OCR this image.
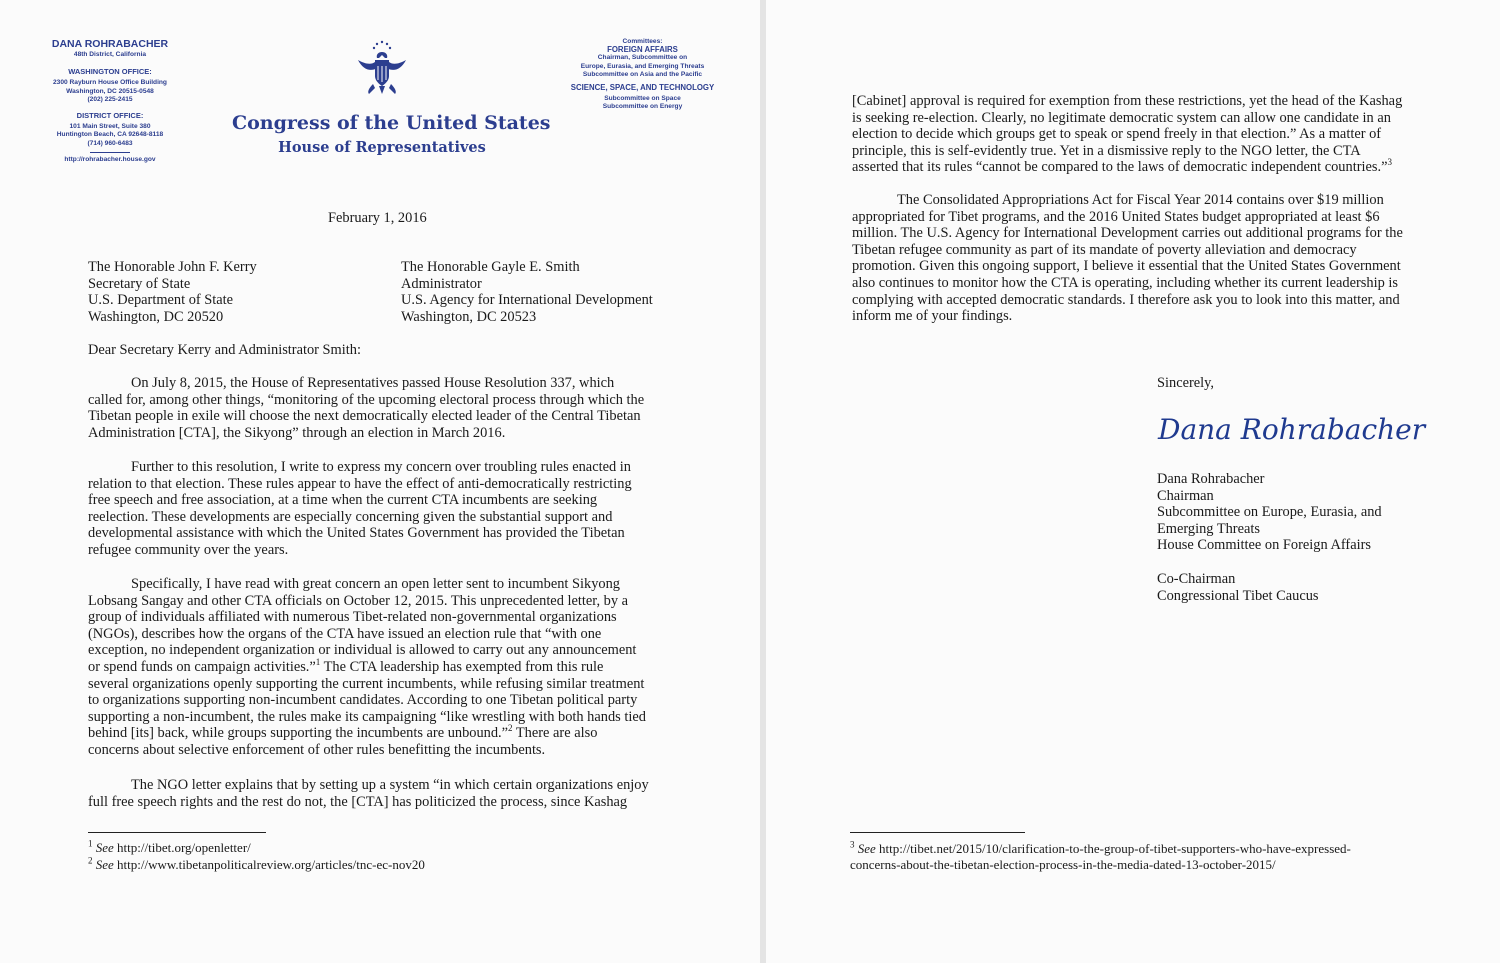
DANA ROHRABACHER
48th District, California
WASHINGTON OFFICE:
2300 Rayburn House Office Building
Washington, DC 20515-0548
(202) 225-2415
DISTRICT OFFICE:
101 Main Street, Suite 380
Huntington Beach, CA 92648-8118
(714) 960-6483
http://rohrabacher.house.gov
Congress of the United States
House of Representatives
Committees:
FOREIGN AFFAIRS
Chairman, Subcommittee on
Europe, Eurasia, and Emerging Threats
Subcommittee on Asia and the Pacific
SCIENCE, SPACE, AND TECHNOLOGY
Subcommittee on Space
Subcommittee on Energy
February 1, 2016
The Honorable John F. Kerry
Secretary of State
U.S. Department of State
Washington, DC 20520
The Honorable Gayle E. Smith
Administrator
U.S. Agency for International Development
Washington, DC 20523
Dear Secretary Kerry and Administrator Smith:
On July 8, 2015, the House of Representatives passed House Resolution 337, which
called for, among other things, “monitoring of the upcoming electoral process through which the
Tibetan people in exile will choose the next democratically elected leader of the Central Tibetan
Administration [CTA], the Sikyong” through an election in March 2016.
Further to this resolution, I write to express my concern over troubling rules enacted in
relation to that election. These rules appear to have the effect of anti-democratically restricting
free speech and free association, at a time when the current CTA incumbents are seeking
reelection. These developments are especially concerning given the substantial support and
developmental assistance with which the United States Government has provided the Tibetan
refugee community over the years.
Specifically, I have read with great concern an open letter sent to incumbent Sikyong
Lobsang Sangay and other CTA officials on October 12, 2015. This unprecedented letter, by a
group of individuals affiliated with numerous Tibet-related non-governmental organizations
(NGOs), describes how the organs of the CTA have issued an election rule that “with one
exception, no independent organization or individual is allowed to carry out any announcement
or spend funds on campaign activities.”$^1$ The CTA leadership has exempted from this rule
several organizations openly supporting the current incumbents, while refusing similar treatment
to organizations supporting non-incumbent candidates. According to one Tibetan political party
supporting a non-incumbent, the rules make its campaigning “like wrestling with both hands tied
behind [its] back, while groups supporting the incumbents are unbound.”$^2$ There are also
concerns about selective enforcement of other rules benefitting the incumbents.
The NGO letter explains that by setting up a system “in which certain organizations enjoy
full free speech rights and the rest do not, the [CTA] has politicized the process, since Kashag
$^1$ See http://tibet.org/openletter/
$^2$ See http://www.tibetanpoliticalreview.org/articles/tnc-ec-nov20
[Cabinet] approval is required for exemption from these restrictions, yet the head of the Kashag
is seeking re-election. Clearly, no legitimate democratic system can allow one candidate in an
election to decide which groups get to speak or spend freely in that election.” As a matter of
principle, this is self-evidently true. Yet in a dismissive reply to the NGO letter, the CTA
asserted that its rules “cannot be compared to the laws of democratic independent countries.”$^3$
The Consolidated Appropriations Act for Fiscal Year 2014 contains over $19 million
appropriated for Tibet programs, and the 2016 United States budget appropriated at least $6
million. The U.S. Agency for International Development carries out additional programs for the
Tibetan refugee community as part of its mandate of poverty alleviation and democracy
promotion. Given this ongoing support, I believe it essential that the United States Government
also continues to monitor how the CTA is operating, including whether its current leadership is
complying with accepted democratic standards. I therefore ask you to look into this matter, and
inform me of your findings.
Sincerely,
Dana Rohrabacher
Dana Rohrabacher
Chairman
Subcommittee on Europe, Eurasia, and
Emerging Threats
House Committee on Foreign Affairs
Co-Chairman
Congressional Tibet Caucus
$^3$ See http://tibet.net/2015/10/clarification-to-the-group-of-tibet-supporters-who-have-expressed-
concerns-about-the-tibetan-election-process-in-the-media-dated-13-october-2015/
